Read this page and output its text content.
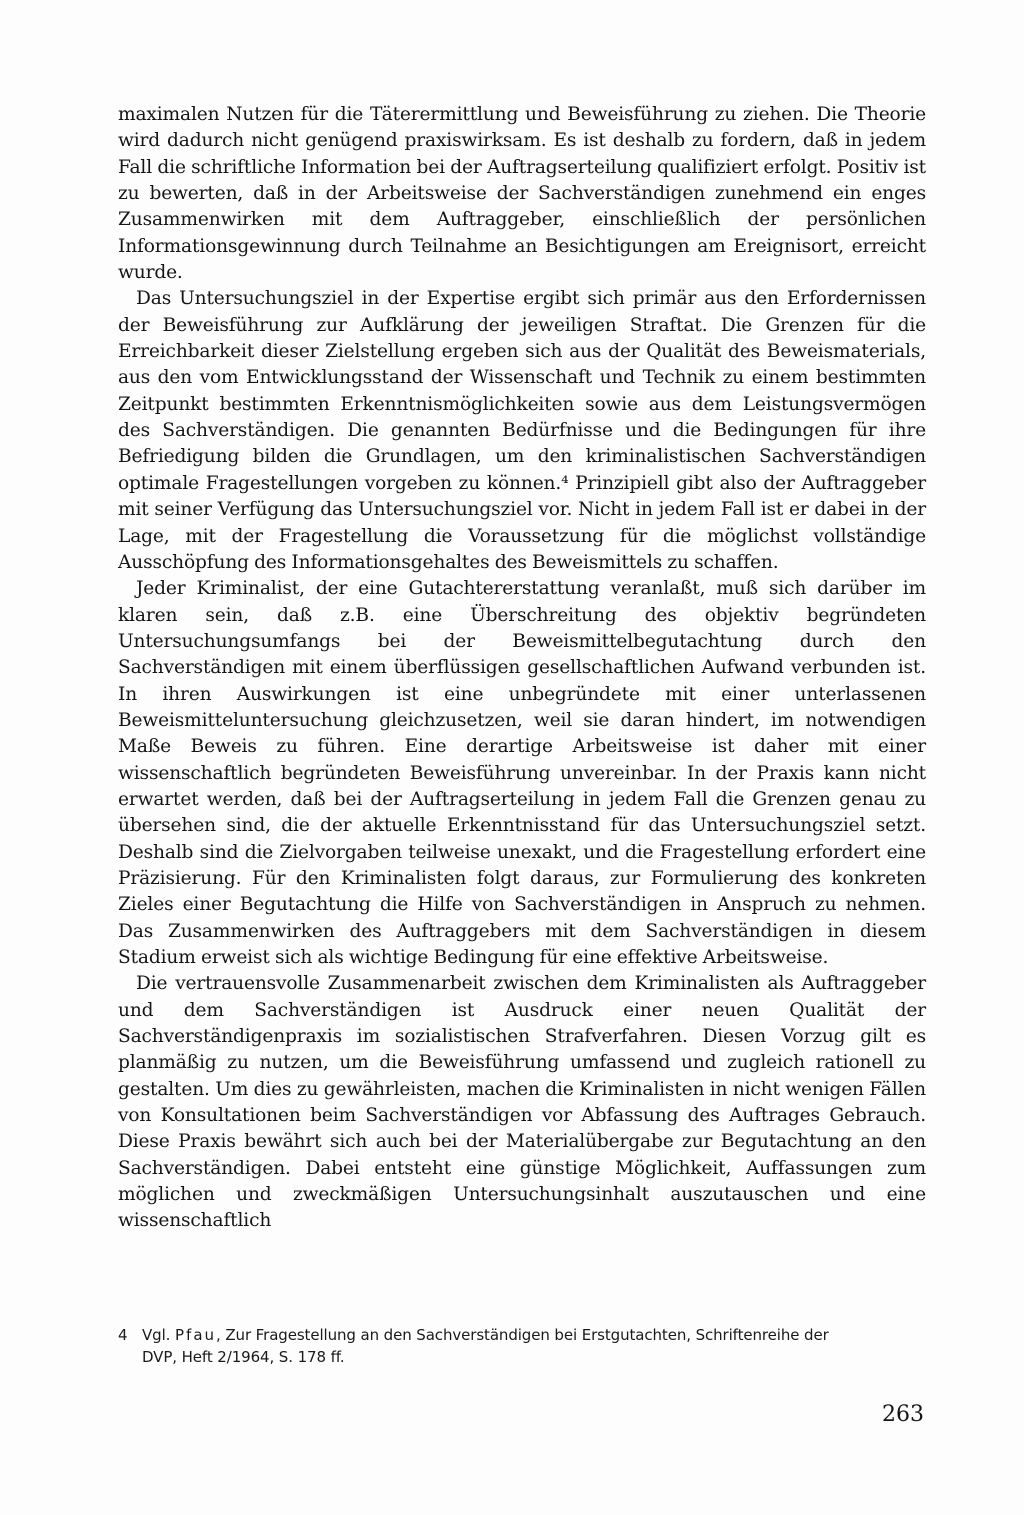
maximalen Nutzen für die Täterermittlung und Beweisführung zu ziehen. Die Theorie wird dadurch nicht genügend praxiswirksam. Es ist deshalb zu fordern, daß in jedem Fall die schriftliche Information bei der Auftragserteilung qualifiziert erfolgt. Positiv ist zu bewerten, daß in der Arbeitsweise der Sachverständigen zunehmend ein enges Zusammenwirken mit dem Auftraggeber, einschließlich der persönlichen Informationsgewinnung durch Teilnahme an Besichtigungen am Ereignisort, erreicht wurde.

Das Untersuchungsziel in der Expertise ergibt sich primär aus den Erfordernissen der Beweisführung zur Aufklärung der jeweiligen Straftat. Die Grenzen für die Erreichbarkeit dieser Zielstellung ergeben sich aus der Qualität des Beweismaterials, aus den vom Entwicklungsstand der Wissenschaft und Technik zu einem bestimmten Zeitpunkt bestimmten Erkenntnismöglichkeiten sowie aus dem Leistungsvermögen des Sachverständigen. Die genannten Bedürfnisse und die Bedingungen für ihre Befriedigung bilden die Grundlagen, um den kriminalistischen Sachverständigen optimale Fragestellungen vorgeben zu können.⁴ Prinzipiell gibt also der Auftraggeber mit seiner Verfügung das Untersuchungsziel vor. Nicht in jedem Fall ist er dabei in der Lage, mit der Fragestellung die Voraussetzung für die möglichst vollständige Ausschöpfung des Informationsgehaltes des Beweismittels zu schaffen.

Jeder Kriminalist, der eine Gutachtererstattung veranlaßt, muß sich darüber im klaren sein, daß z.B. eine Überschreitung des objektiv begründeten Untersuchungsumfangs bei der Beweismittelbegutachtung durch den Sachverständigen mit einem überflüssigen gesellschaftlichen Aufwand verbunden ist. In ihren Auswirkungen ist eine unbegründete mit einer unterlassenen Beweismitteluntersuchung gleichzusetzen, weil sie daran hindert, im notwendigen Maße Beweis zu führen. Eine derartige Arbeitsweise ist daher mit einer wissenschaftlich begründeten Beweisführung unvereinbar. In der Praxis kann nicht erwartet werden, daß bei der Auftragserteilung in jedem Fall die Grenzen genau zu übersehen sind, die der aktuelle Erkenntnisstand für das Untersuchungsziel setzt. Deshalb sind die Zielvorgaben teilweise unexakt, und die Fragestellung erfordert eine Präzisierung. Für den Kriminalisten folgt daraus, zur Formulierung des konkreten Zieles einer Begutachtung die Hilfe von Sachverständigen in Anspruch zu nehmen. Das Zusammenwirken des Auftraggebers mit dem Sachverständigen in diesem Stadium erweist sich als wichtige Bedingung für eine effektive Arbeitsweise.

Die vertrauensvolle Zusammenarbeit zwischen dem Kriminalisten als Auftraggeber und dem Sachverständigen ist Ausdruck einer neuen Qualität der Sachverständigenpraxis im sozialistischen Strafverfahren. Diesen Vorzug gilt es planmäßig zu nutzen, um die Beweisführung umfassend und zugleich rationell zu gestalten. Um dies zu gewährleisten, machen die Kriminalisten in nicht wenigen Fällen von Konsultationen beim Sachverständigen vor Abfassung des Auftrages Gebrauch. Diese Praxis bewährt sich auch bei der Materialübergabe zur Begutachtung an den Sachverständigen. Dabei entsteht eine günstige Möglichkeit, Auffassungen zum möglichen und zweckmäßigen Untersuchungsinhalt auszutauschen und eine wissenschaftlich

4 Vgl. Pfau, Zur Fragestellung an den Sachverständigen bei Erstgutachten, Schriftenreihe der
DVP, Heft 2/1964, S. 178 ff.
263
